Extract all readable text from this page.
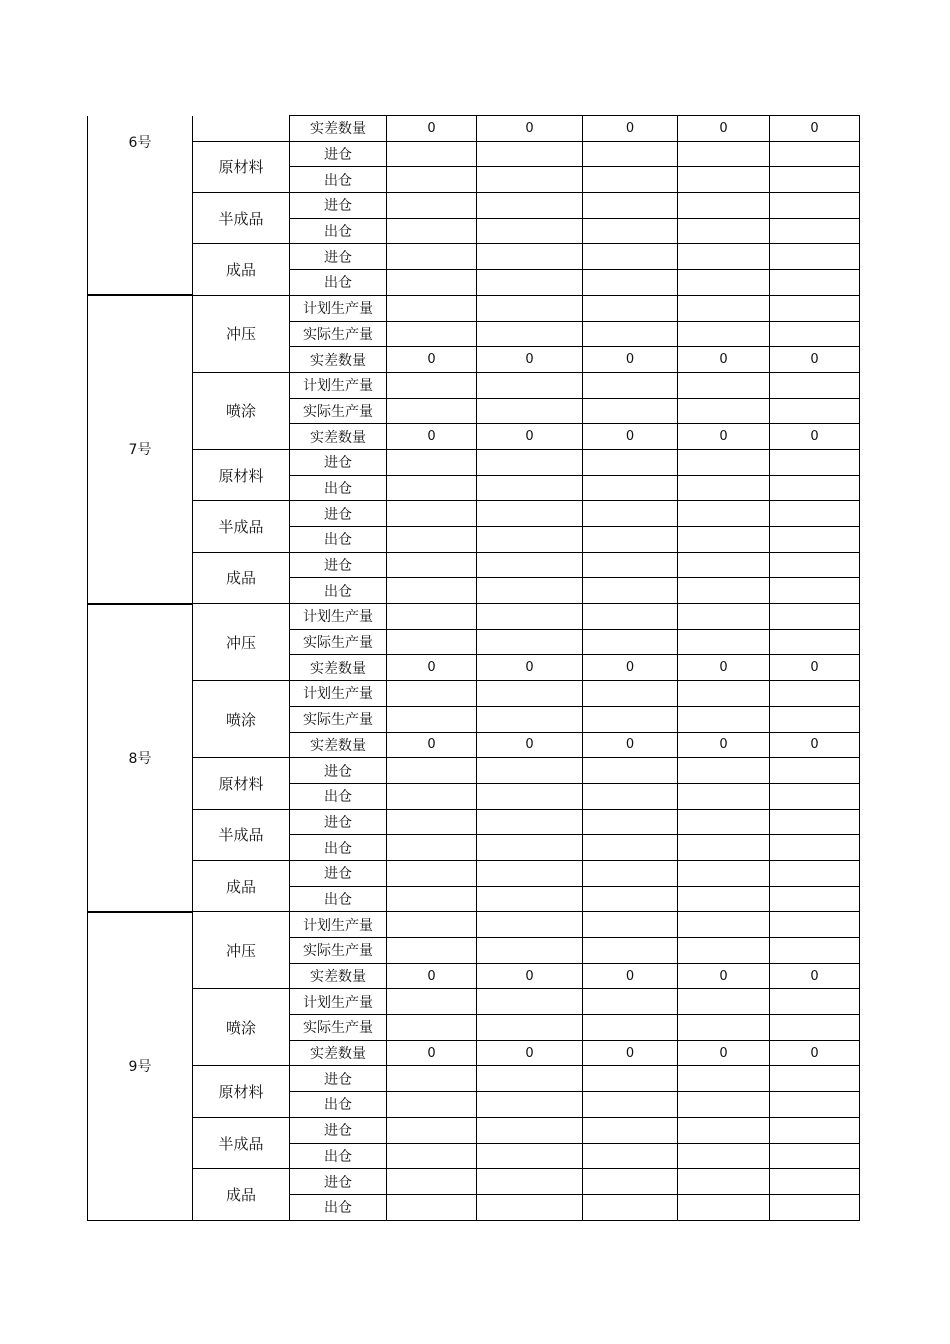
6号		实差数量	0	0	0	0	0
	原材料	进仓					
		出仓					
	半成品	进仓					
		出仓					
	成品	进仓					
		出仓					
7号	冲压	计划生产量					
		实际生产量					
		实差数量	0	0	0	0	0
	喷涂	计划生产量					
		实际生产量					
		实差数量	0	0	0	0	0
	原材料	进仓					
		出仓					
	半成品	进仓					
		出仓					
	成品	进仓					
		出仓					
8号	冲压	计划生产量					
		实际生产量					
		实差数量	0	0	0	0	0
	喷涂	计划生产量					
		实际生产量					
		实差数量	0	0	0	0	0
	原材料	进仓					
		出仓					
	半成品	进仓					
		出仓					
	成品	进仓					
		出仓					
9号	冲压	计划生产量					
		实际生产量					
		实差数量	0	0	0	0	0
	喷涂	计划生产量					
		实际生产量					
		实差数量	0	0	0	0	0
	原材料	进仓					
		出仓					
	半成品	进仓					
		出仓					
	成品	进仓					
		出仓					
